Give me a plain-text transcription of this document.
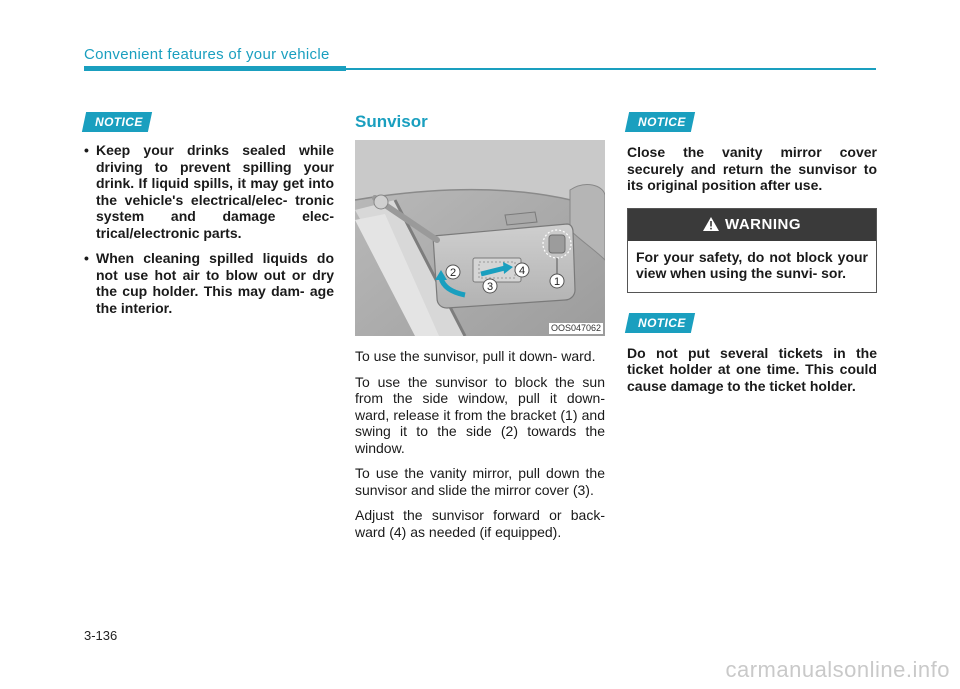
Convenient features of your vehicle
NOTICE
• Keep your drinks sealed while driving to prevent spilling your drink. If liquid spills, it may get into the vehicle's electrical/elec- tronic system and damage elec- trical/electronic parts.
• When cleaning spilled liquids do not use hot air to blow out or dry the cup holder. This may dam- age the interior.
Sunvisor
1
2
3
4
OOS047062

To use the sunvisor, pull it down- ward.

To use the sunvisor to block the sun from the side window, pull it down- ward, release it from the bracket (1) and swing it to the side (2) towards the window.

To use the vanity mirror, pull down the sunvisor and slide the mirror cover (3).

Adjust the sunvisor forward or back- ward (4) as needed (if equipped).

NOTICE

Close the vanity mirror cover securely and return the sunvisor to its original position after use.

WARNING
For your safety, do not block your view when using the sunvi- sor.
NOTICE

Do not put several tickets in the ticket holder at one time. This could cause damage to the ticket holder.

3-136
carmanualsonline.info
